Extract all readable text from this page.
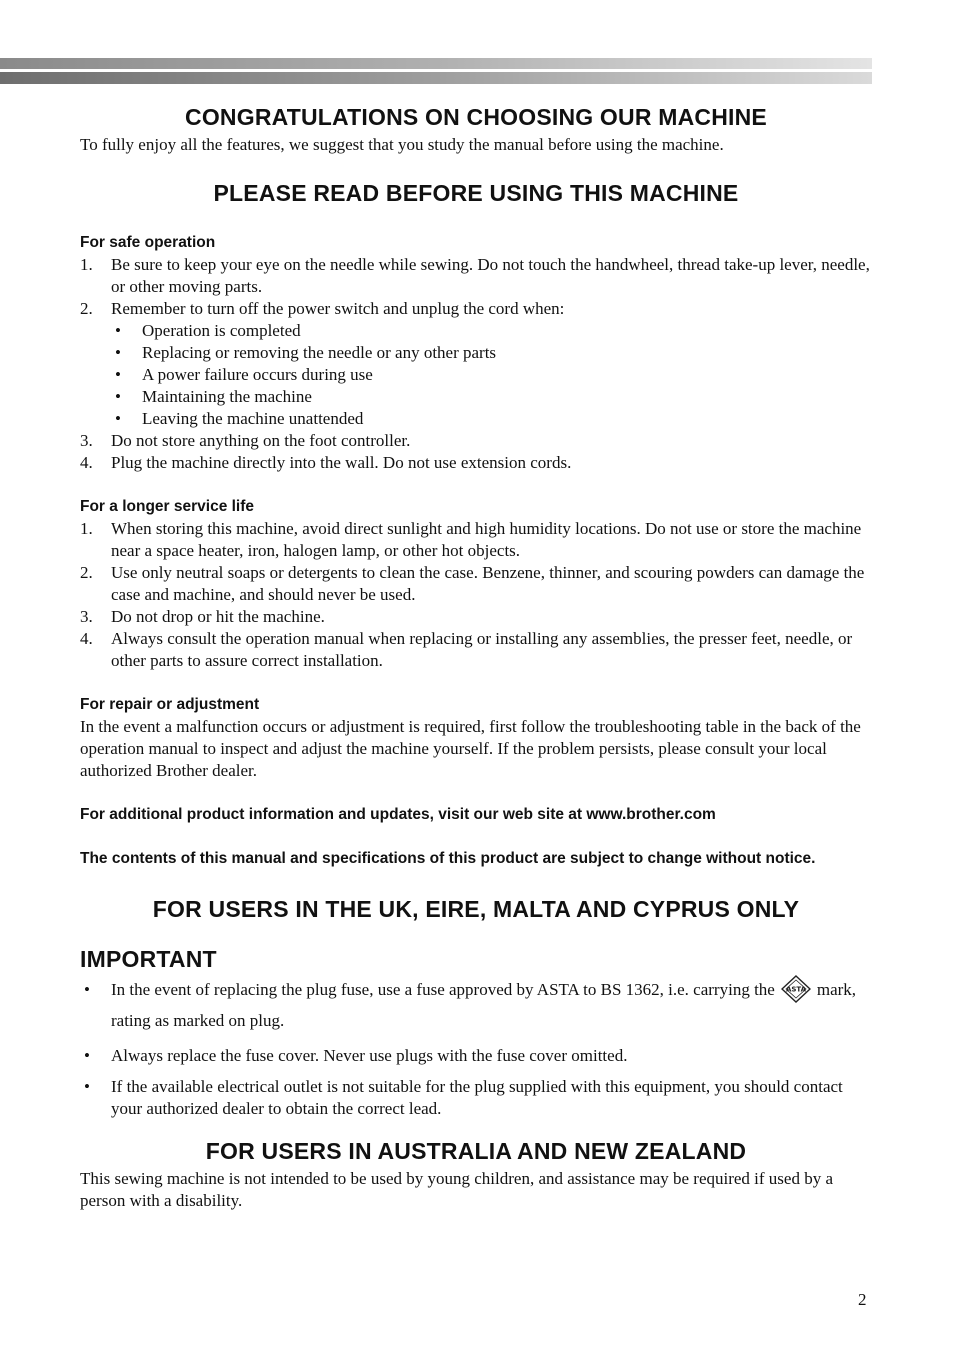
CONGRATULATIONS ON CHOOSING OUR MACHINE

To fully enjoy all the features, we suggest that you study the manual before using the machine.

PLEASE READ BEFORE USING THIS MACHINE
For safe operation
1. Be sure to keep your eye on the needle while sewing. Do not touch the handwheel, thread take-up lever, needle, or other moving parts.
2. Remember to turn off the power switch and unplug the cord when:
• Operation is completed
• Replacing or removing the needle or any other parts
• A power failure occurs during use
• Maintaining the machine
• Leaving the machine unattended
3. Do not store anything on the foot controller.
4. Plug the machine directly into the wall. Do not use extension cords.
For a longer service life
1. When storing this machine, avoid direct sunlight and high humidity locations. Do not use or store the machine near a space heater, iron, halogen lamp, or other hot objects.
2. Use only neutral soaps or detergents to clean the case. Benzene, thinner, and scouring powders can damage the case and machine, and should never be used.
3. Do not drop or hit the machine.
4. Always consult the operation manual when replacing or installing any assemblies, the presser feet, needle, or other parts to assure correct installation.
For repair or adjustment

In the event a malfunction occurs or adjustment is required, first follow the troubleshooting table in the back of the operation manual to inspect and adjust the machine yourself. If the problem persists, please consult your local authorized Brother dealer.

For additional product information and updates, visit our web site at www.brother.com
The contents of this manual and specifications of this product are subject to change without notice.
FOR USERS IN THE UK, EIRE, MALTA AND CYPRUS ONLY
IMPORTANT
• In the event of replacing the plug fuse, use a fuse approved by ASTA to BS 1362, i.e. carrying the ASTA mark, rating as marked on plug.
• Always replace the fuse cover. Never use plugs with the fuse cover omitted.
• If the available electrical outlet is not suitable for the plug supplied with this equipment, you should contact your authorized dealer to obtain the correct lead.
FOR USERS IN AUSTRALIA AND NEW ZEALAND

This sewing machine is not intended to be used by young children, and assistance may be required if used by a person with a disability.

2
